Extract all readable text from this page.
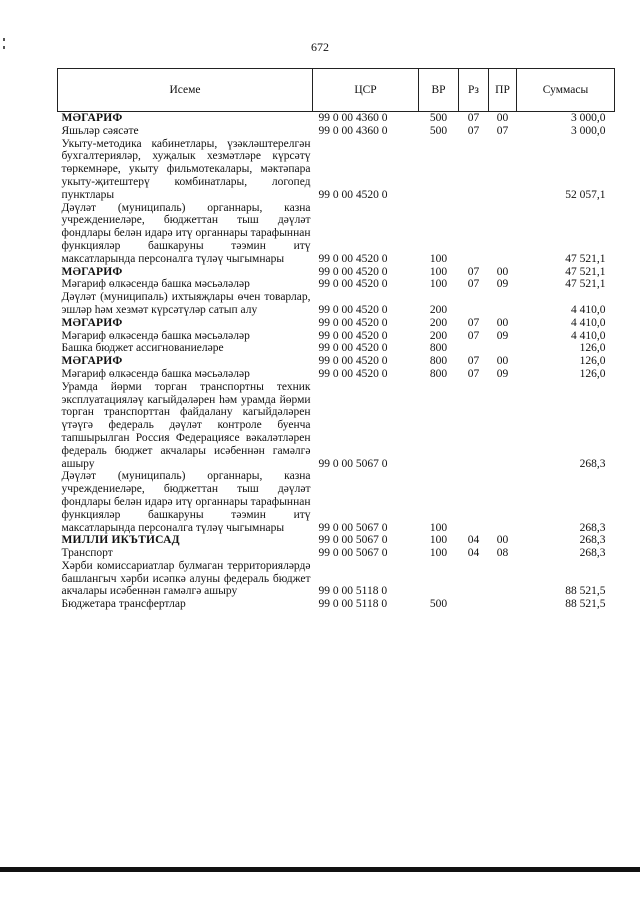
672
Исеме	ЦСР	ВР	Рз	ПР	Суммасы
МӘГАРИФ	99 0 00 4360 0	500	07	00	3 000,0
Яшьләр сәясәте	99 0 00 4360 0	500	07	07	3 000,0
Укыту-методика кабинетлары, үзәкләштерелгән бухгалтерияләр, хуҗалык хезмәтләре күрсәтү төркемнәре, укыту фильмотекалары, мәктәпара укыту-җитештерү комбинатлары, логопед пунктлары	99 0 00 4520 0				52 057,1
Дәүләт (муниципаль) органнары, казна учреждениеләре, бюджеттан тыш дәүләт фондлары белән идарә итү органнары тарафыннан функцияләр башкаруны тәэмин итү максатларында персоналга түләү чыгымнары	99 0 00 4520 0	100			47 521,1
МӘГАРИФ	99 0 00 4520 0	100	07	00	47 521,1
Мәгариф өлкәсендә башка мәсьәләләр	99 0 00 4520 0	100	07	09	47 521,1
Дәүләт (муниципаль) ихтыяҗлары өчен товарлар, эшләр һәм хезмәт күрсәтүләр сатып алу	99 0 00 4520 0	200			4 410,0
МӘГАРИФ	99 0 00 4520 0	200	07	00	4 410,0
Мәгариф өлкәсендә башка мәсьәләләр	99 0 00 4520 0	200	07	09	4 410,0
Башка бюджет ассигнованиеләре	99 0 00 4520 0	800			126,0
МӘГАРИФ	99 0 00 4520 0	800	07	00	126,0
Мәгариф өлкәсендә башка мәсьәләләр	99 0 00 4520 0	800	07	09	126,0
Урамда йөрми торган транспортны техник эксплуатацияләү кагыйдәләрен һәм урамда йөрми торган транспорттан файдалану кагыйдәләрен үтәүгә федераль дәүләт контроле буенча тапшырылган Россия Федерациясе вәкаләтләрен федераль бюджет акчалары исәбеннән гамәлгә ашыру	99 0 00 5067 0				268,3
Дәүләт (муниципаль) органнары, казна учреждениеләре, бюджеттан тыш дәүләт фондлары белән идарә итү органнары тарафыннан функцияләр башкаруны тәэмин итү максатларында персоналга түләү чыгымнары	99 0 00 5067 0	100			268,3
МИЛЛИ ИКЪТИСАД	99 0 00 5067 0	100	04	00	268,3
Транспорт	99 0 00 5067 0	100	04	08	268,3
Хәрби комиссариатлар булмаган территорияләрдә башлангыч хәрби исәпкә алуны федераль бюджет акчалары исәбеннән гамәлгә ашыру	99 0 00 5118 0				88 521,5
Бюджетара трансфертлар	99 0 00 5118 0	500			88 521,5
